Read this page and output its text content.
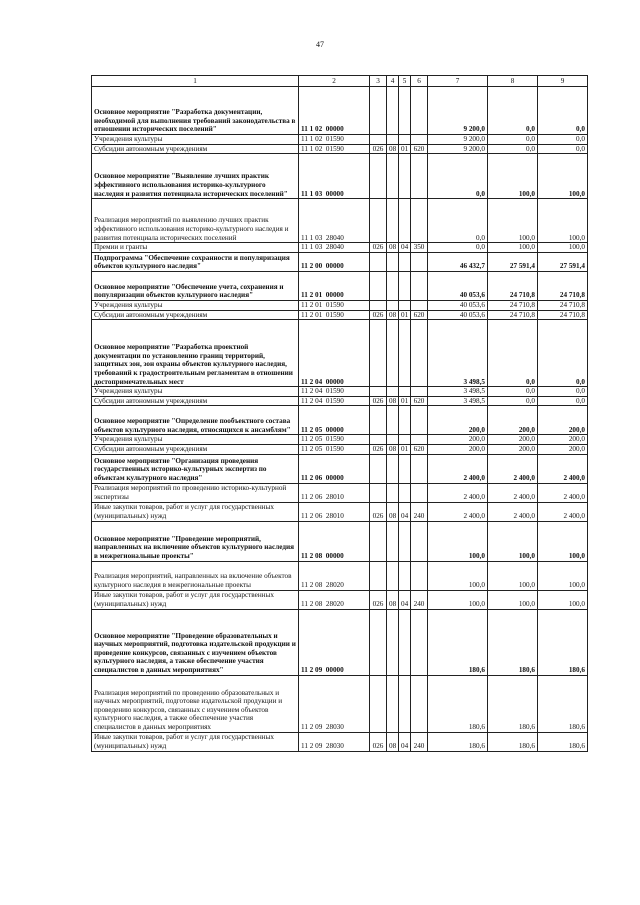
47
1	2	3	4	5	6	7	8	9
Основное мероприятие "Разработка документации, необходимой для выполнения требований законодательства в отношении исторических поселений"	11 1 02  00000					9 200,0	0,0	0,0
Учреждения культуры	11 1 02  01590					9 200,0	0,0	0,0
Субсидии автономным учреждениям	11 1 02  01590	026	08	01	620	9 200,0	0,0	0,0
Основное мероприятие "Выявление лучших практик эффективного использования историко-культурного наследия и развития потенциала исторических поселений"	11 1 03  00000					0,0	100,0	100,0
Реализация мероприятий по выявлению лучших практик эффективного использования историко-культурного наследия и развития потенциала исторических поселений	11 1 03  28040					0,0	100,0	100,0
Премии и гранты	11 1 03  28040	026	08	04	350	0,0	100,0	100,0
Подпрограмма "Обеспечение сохранности и популяризация объектов культурного наследия"	11 2 00  00000					46 432,7	27 591,4	27 591,4
Основное мероприятие "Обеспечение учета, сохранения и популяризации объектов культурного наследия"	11 2 01  00000					40 053,6	24 710,8	24 710,8
Учреждения культуры	11 2 01  01590					40 053,6	24 710,8	24 710,8
Субсидии автономным учреждениям	11 2 01  01590	026	08	01	620	40 053,6	24 710,8	24 710,8
Основное мероприятие "Разработка проектной документации по установлению границ территорий, защитных зон, зон охраны объектов культурного наследия, требований к градостроительным регламентам в отношении достопримечательных мест	11 2 04  00000					3 498,5	0,0	0,0
Учреждения культуры	11 2 04  01590					3 498,5	0,0	0,0
Субсидии автономным учреждениям	11 2 04  01590	026	08	01	620	3 498,5	0,0	0,0
Основное мероприятие "Определение пообъектного состава объектов культурного наследия, относящихся к ансамблям"	11 2 05  00000					200,0	200,0	200,0
Учреждения культуры	11 2 05  01590					200,0	200,0	200,0
Субсидии автономным учреждениям	11 2 05  01590	026	08	01	620	200,0	200,0	200,0
Основное мероприятие "Организация проведения государственных историко-культурных экспертиз по объектам культурного наследия"	11 2 06  00000					2 400,0	2 400,0	2 400,0
Реализация мероприятий по проведению историко-культурной экспертизы	11 2 06  28010					2 400,0	2 400,0	2 400,0
Иные закупки товаров, работ и услуг для государственных (муниципальных) нужд	11 2 06  28010	026	08	04	240	2 400,0	2 400,0	2 400,0
Основное мероприятие "Проведение мероприятий, направленных на включение объектов культурного наследия в межрегиональные проекты"	11 2 08  00000					100,0	100,0	100,0
Реализация мероприятий, направленных на включение объектов культурного наследия в межрегиональные проекты	11 2 08  28020					100,0	100,0	100,0
Иные закупки товаров, работ и услуг для государственных (муниципальных) нужд	11 2 08  28020	026	08	04	240	100,0	100,0	100,0
Основное мероприятие "Проведение образовательных и научных мероприятий, подготовка издательской продукции и проведение конкурсов, связанных с изучением объектов культурного наследия, а также обеспечение участия специалистов в данных мероприятиях"	11 2 09  00000					180,6	180,6	180,6
Реализация мероприятий по проведению образовательных и научных мероприятий, подготовке издательской продукции и проведению конкурсов, связанных с изучением объектов культурного наследия, а также обеспечение участия специалистов в данных мероприятиях	11 2 09  28030					180,6	180,6	180,6
Иные закупки товаров, работ и услуг для государственных (муниципальных) нужд	11 2 09  28030	026	08	04	240	180,6	180,6	180,6
